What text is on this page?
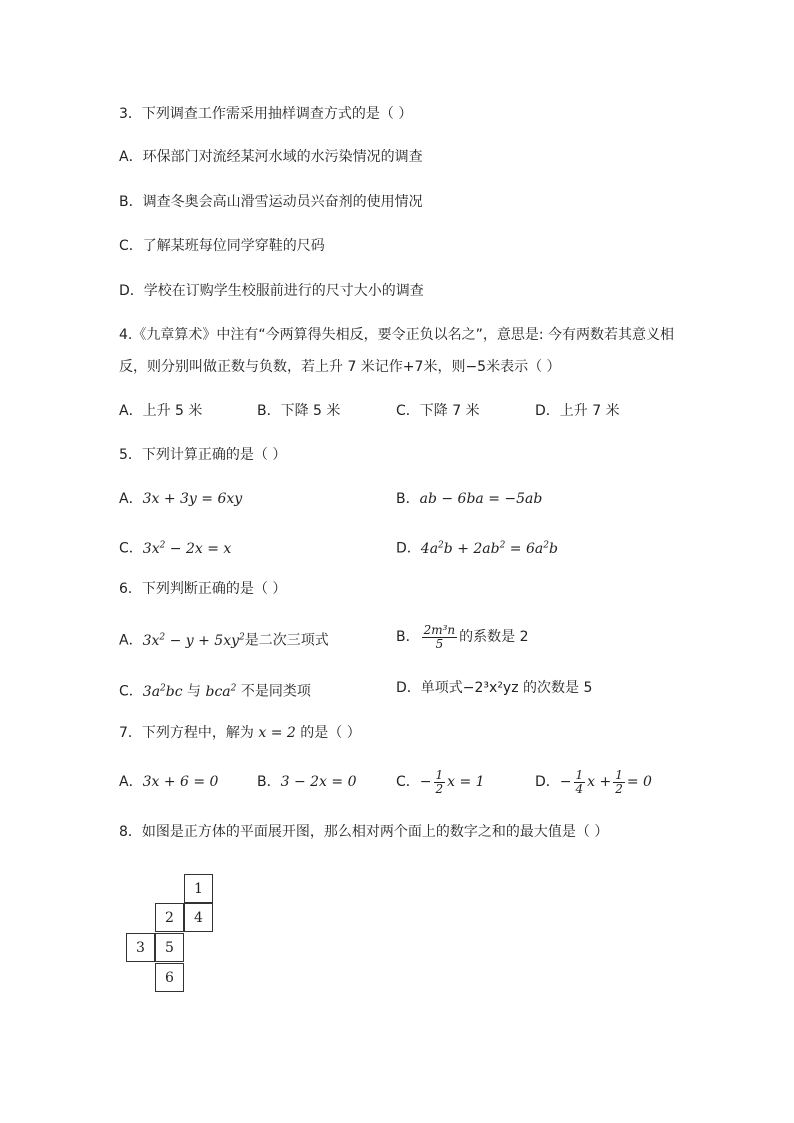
3．下列调查工作需采用抽样调查方式的是（ ）
A．环保部门对流经某河水域的水污染情况的调查
B．调查冬奥会高山滑雪运动员兴奋剂的使用情况
C．了解某班每位同学穿鞋的尺码
D．学校在订购学生校服前进行的尺寸大小的调查
4.《九章算术》中注有“今两算得失相反，要令正负以名之”，意思是: 今有两数若其意义相
反，则分别叫做正数与负数，若上升 7 米记作+7米，则−5米表示（ ）
A．上升 5 米	B．下降 5 米	C．下降 7 米	D．上升 7 米
5．下列计算正确的是（ ）
A．3x + 3y = 6xy	B．ab − 6ba = −5ab
C．$3x^2 - 2x = x$	D．$4a^2b + 2ab^2 = 6a^2b$
6．下列判断正确的是（ ）
A．$3x^2 - y + 5xy^2$是二次三项式	B． $\frac{\text{2m³n}}{5}$ 的系数是 2
C．$3a^2bc$ 与 bca$^2$ 不是同类项	D．单项式−2³x²yz 的次数是 5
7．下列方程中，解为 x = 2 的是（ ）
A．3x + 6 = 0	B．3 − 2x = 0	C．− $\frac{1}{2}$ x = 1	D．− $\frac{1}{4}$ $x + \frac{1}{2} = 0$
8．如图是正方体的平面展开图，那么相对两个面上的数字之和的最大值是（ ）
1
2	4
3	5
6
